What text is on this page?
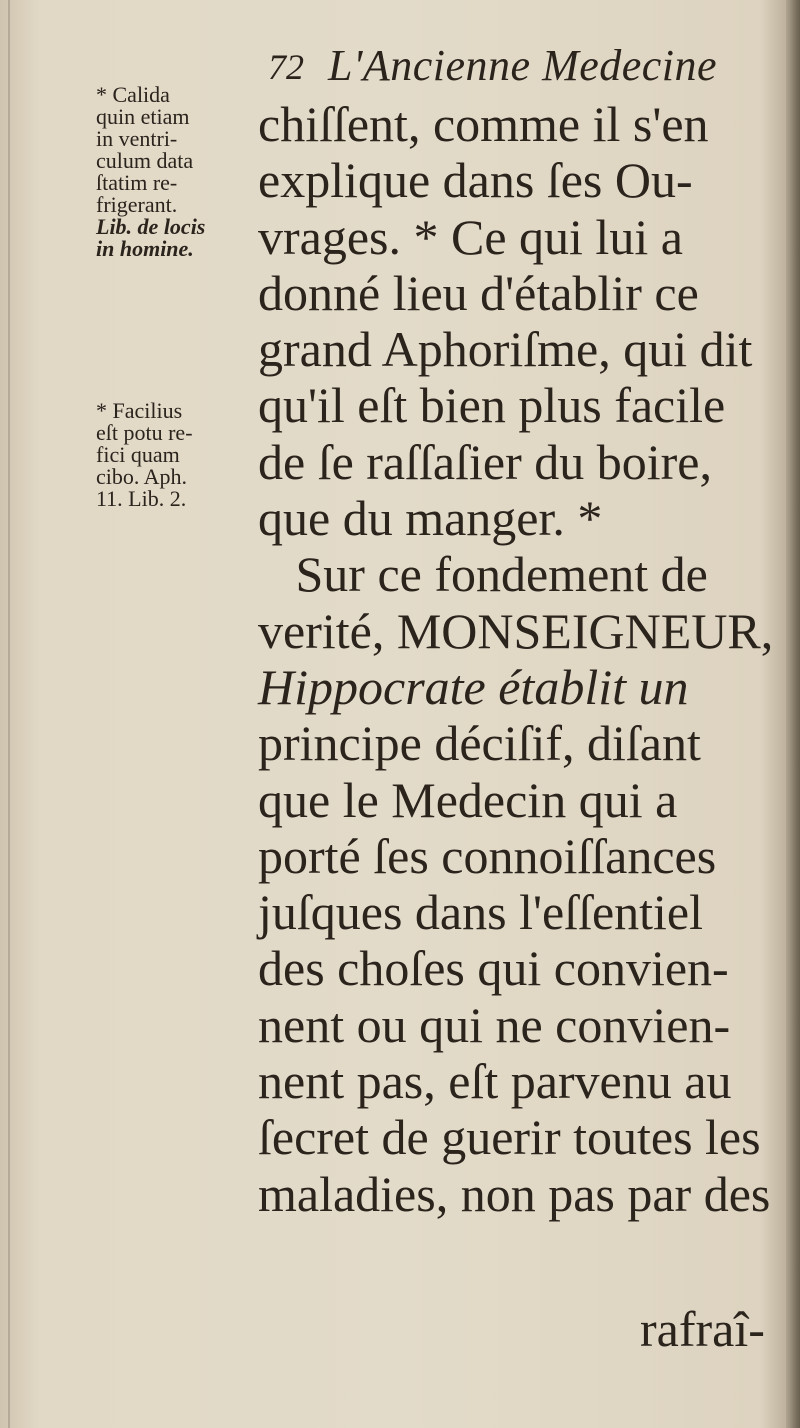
72 L'Ancienne Medecine
* Calida
quin etiam
in ventri-
culum data
ſtatim re-
frigerant.
Lib. de locis
in homine.
* Facilius
eſt potu re-
fici quam
cibo. Aph.
11. Lib. 2.
chiſſent, comme il s'en
explique dans ſes Ou-
vrages. * Ce qui lui a
donné lieu d'établir ce
grand Aphoriſme, qui dit
qu'il eſt bien plus facile
de ſe raſſaſier du boire,
que du manger. *
Sur ce fondement de
verité, MONSEIGNEUR,
Hippocrate établit un
principe déciſif, diſant
que le Medecin qui a
porté ſes connoiſſances
juſques dans l'eſſentiel
des choſes qui convien-
nent ou qui ne convien-
nent pas, eſt parvenu au
ſecret de guerir toutes les
maladies, non pas par des
rafraî-
